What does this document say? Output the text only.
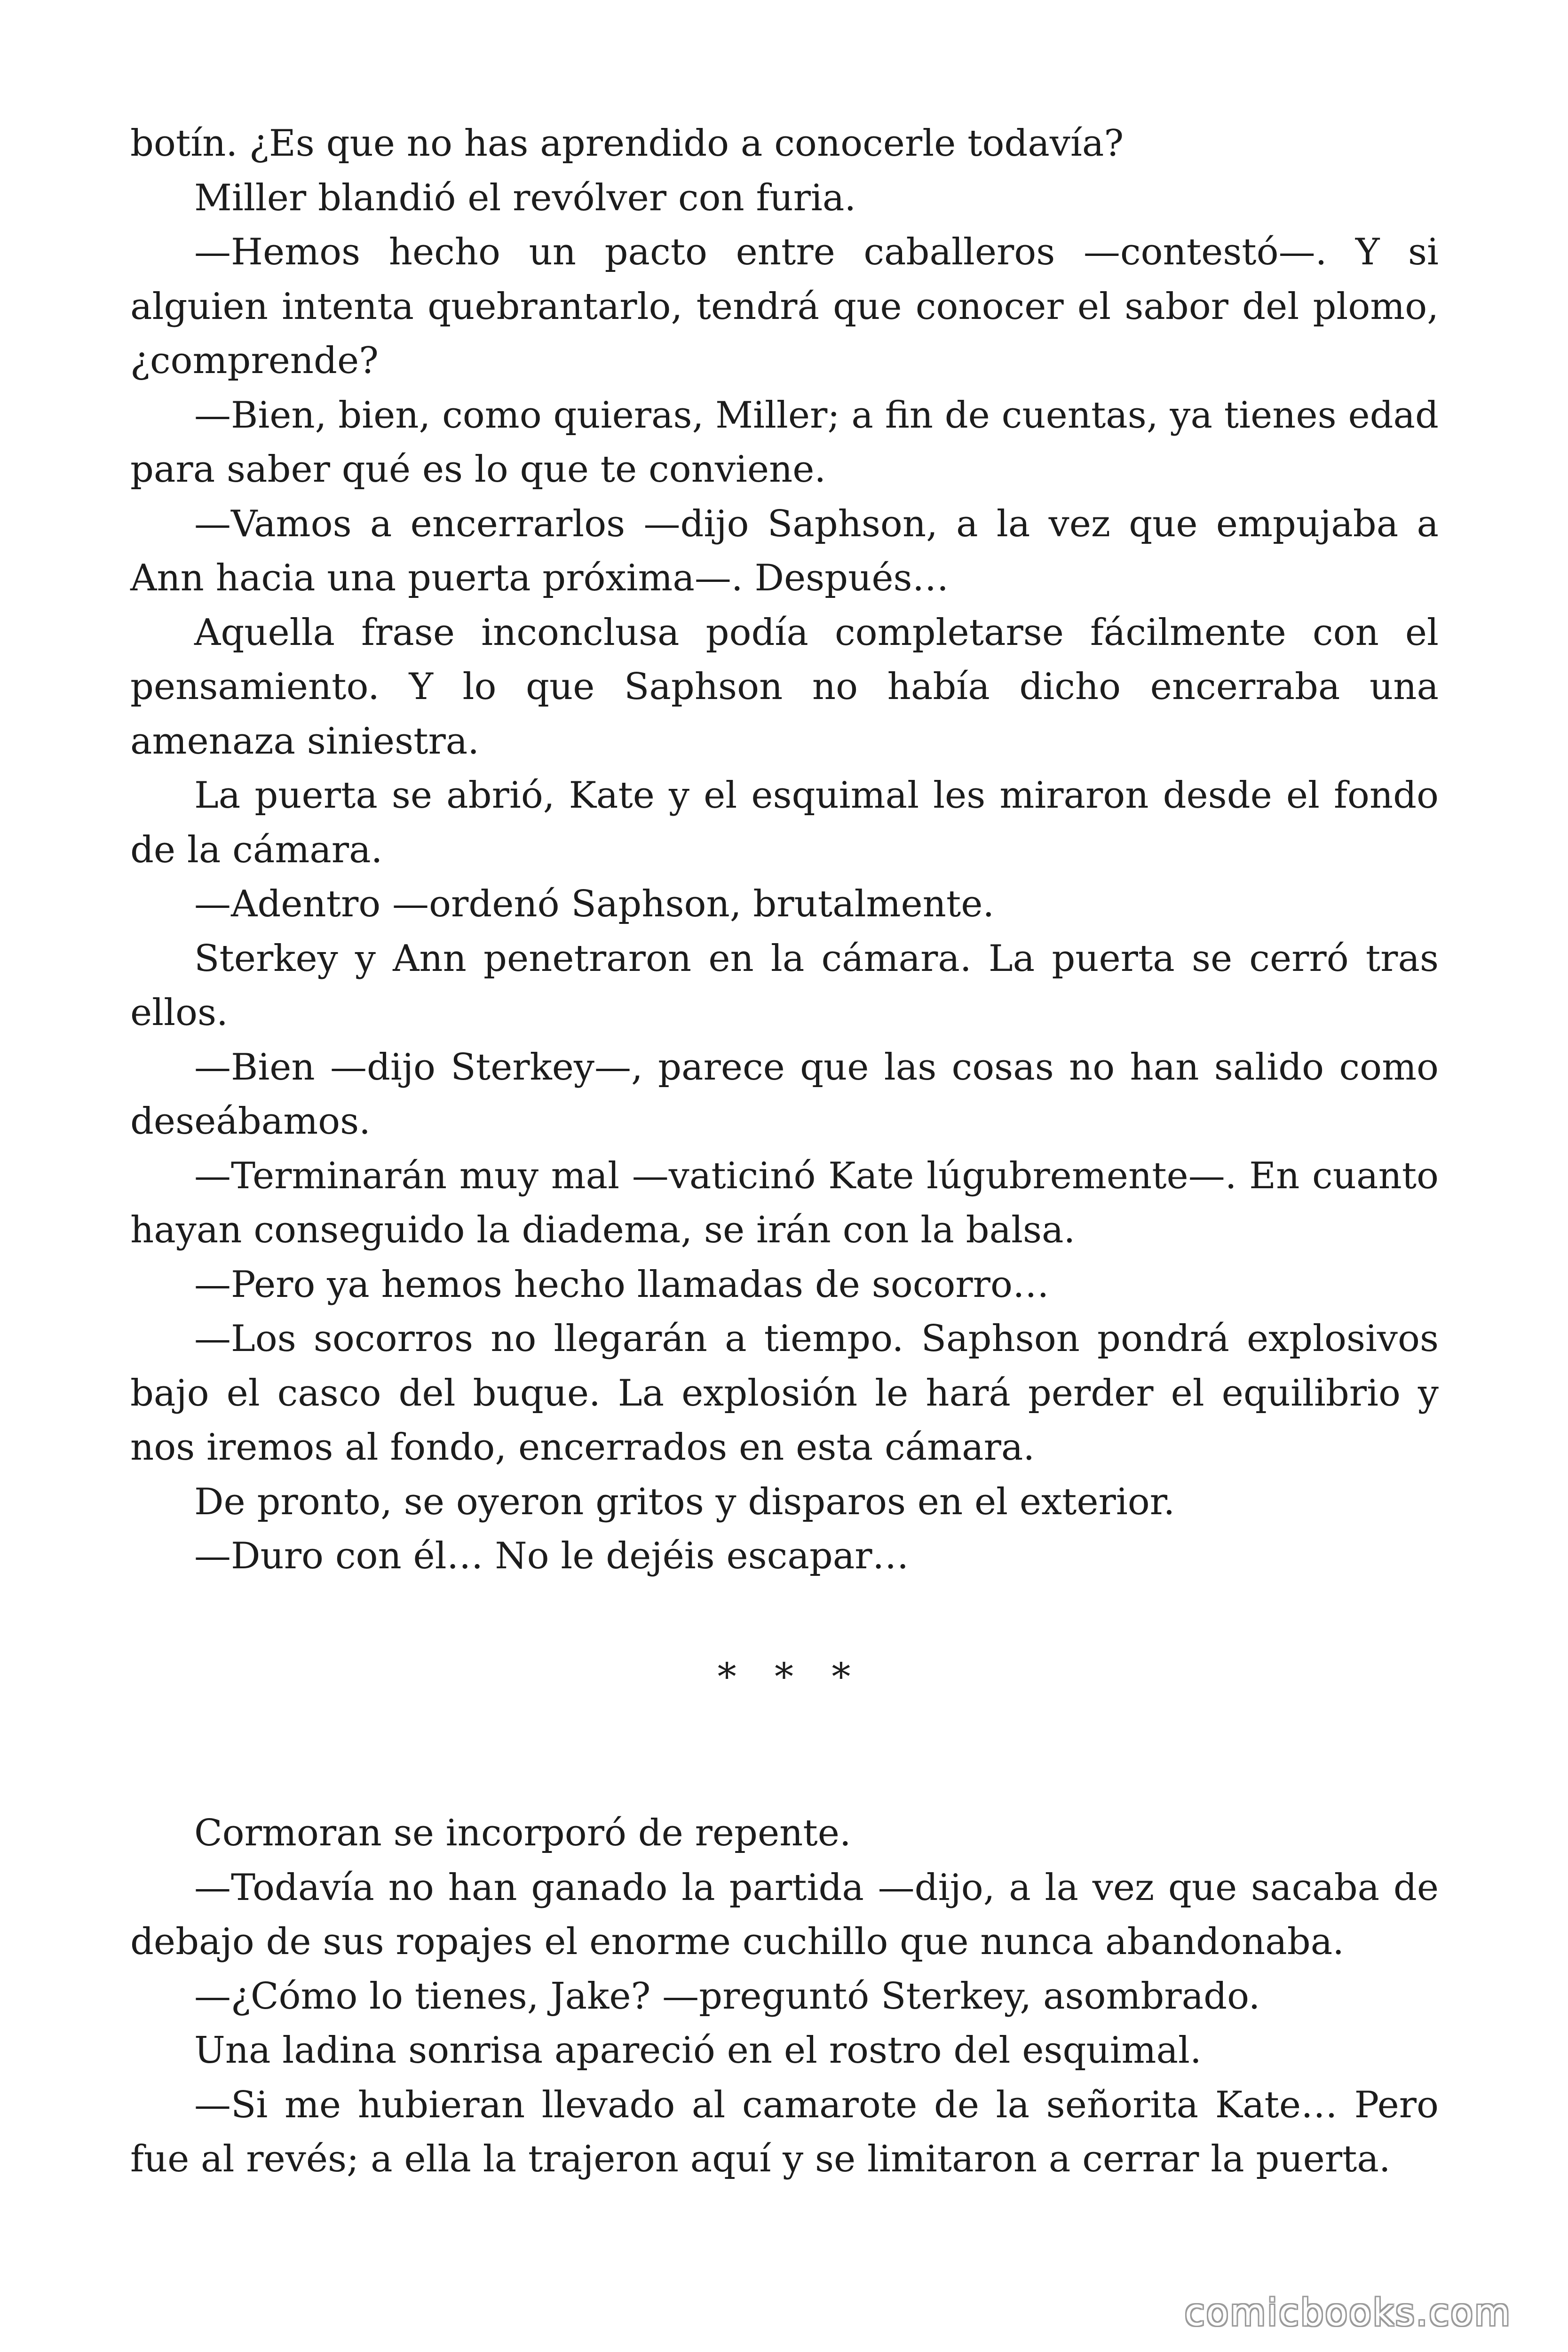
botín. ¿Es que no has aprendido a conocerle todavía?

Miller blandió el revólver con furia.

—Hemos hecho un pacto entre caballeros —contestó—. Y si alguien intenta quebrantarlo, tendrá que conocer el sabor del plomo, ¿comprende?

—Bien, bien, como quieras, Miller; a fin de cuentas, ya tienes edad para saber qué es lo que te conviene.

—Vamos a encerrarlos —dijo Saphson, a la vez que empujaba a Ann hacia una puerta próxima—. Después…

Aquella frase inconclusa podía completarse fácilmente con el pensamiento. Y lo que Saphson no había dicho encerraba una amenaza siniestra.

La puerta se abrió, Kate y el esquimal les miraron desde el fondo de la cámara.

—Adentro —ordenó Saphson, brutalmente.

Sterkey y Ann penetraron en la cámara. La puerta se cerró tras ellos.

—Bien —dijo Sterkey—, parece que las cosas no han salido como deseábamos.

—Terminarán muy mal —vaticinó Kate lúgubremente—. En cuanto hayan conseguido la diadema, se irán con la balsa.

—Pero ya hemos hecho llamadas de socorro…

—Los socorros no llegarán a tiempo. Saphson pondrá explosivos bajo el casco del buque. La explosión le hará perder el equilibrio y nos iremos al fondo, encerrados en esta cámara.

De pronto, se oyeron gritos y disparos en el exterior.

—Duro con él… No le dejéis escapar…

* * *

Cormoran se incorporó de repente.

—Todavía no han ganado la partida —dijo, a la vez que sacaba de debajo de sus ropajes el enorme cuchillo que nunca abandonaba.

—¿Cómo lo tienes, Jake? —preguntó Sterkey, asombrado.

Una ladina sonrisa apareció en el rostro del esquimal.

—Si me hubieran llevado al camarote de la señorita Kate… Pero fue al revés; a ella la trajeron aquí y se limitaron a cerrar la puerta.

comicbooks.com
